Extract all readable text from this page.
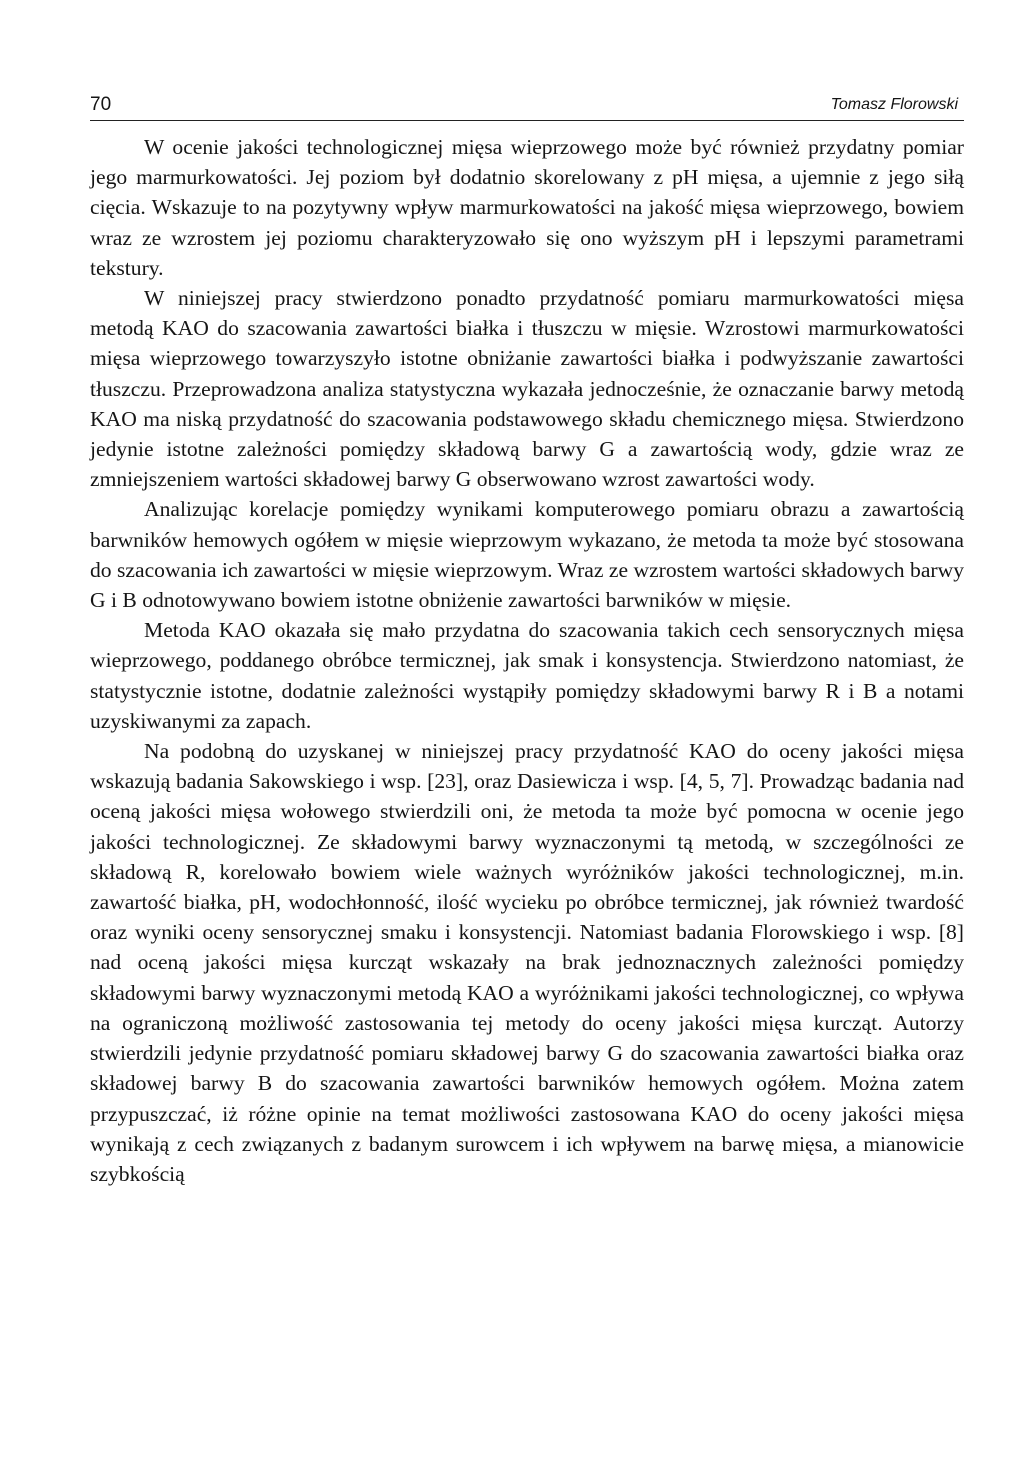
70	Tomasz Florowski

W ocenie jakości technologicznej mięsa wieprzowego może być również przydatny pomiar jego marmurkowatości. Jej poziom był dodatnio skorelowany z pH mięsa, a ujemnie z jego siłą cięcia. Wskazuje to na pozytywny wpływ marmurkowatości na jakość mięsa wieprzowego, bowiem wraz ze wzrostem jej poziomu charakteryzowało się ono wyższym pH i lepszymi parametrami tekstury.

W niniejszej pracy stwierdzono ponadto przydatność pomiaru marmurkowatości mięsa metodą KAO do szacowania zawartości białka i tłuszczu w mięsie. Wzrostowi marmurkowatości mięsa wieprzowego towarzyszyło istotne obniżanie zawartości białka i podwyższanie zawartości tłuszczu. Przeprowadzona analiza statystyczna wykazała jednocześnie, że oznaczanie barwy metodą KAO ma niską przydatność do szacowania podstawowego składu chemicznego mięsa. Stwierdzono jedynie istotne zależności pomiędzy składową barwy G a zawartością wody, gdzie wraz ze zmniejszeniem wartości składowej barwy G obserwowano wzrost zawartości wody.

Analizując korelacje pomiędzy wynikami komputerowego pomiaru obrazu a zawartością barwników hemowych ogółem w mięsie wieprzowym wykazano, że metoda ta może być stosowana do szacowania ich zawartości w mięsie wieprzowym. Wraz ze wzrostem wartości składowych barwy G i B odnotowywano bowiem istotne obniżenie zawartości barwników w mięsie.

Metoda KAO okazała się mało przydatna do szacowania takich cech sensorycznych mięsa wieprzowego, poddanego obróbce termicznej, jak smak i konsystencja. Stwierdzono natomiast, że statystycznie istotne, dodatnie zależności wystąpiły pomiędzy składowymi barwy R i B a notami uzyskiwanymi za zapach.

Na podobną do uzyskanej w niniejszej pracy przydatność KAO do oceny jakości mięsa wskazują badania Sakowskiego i wsp. [23], oraz Dasiewicza i wsp. [4, 5, 7]. Prowadząc badania nad oceną jakości mięsa wołowego stwierdzili oni, że metoda ta może być pomocna w ocenie jego jakości technologicznej. Ze składowymi barwy wyznaczonymi tą metodą, w szczególności ze składową R, korelowało bowiem wiele ważnych wyróżników jakości technologicznej, m.in. zawartość białka, pH, wodochłonność, ilość wycieku po obróbce termicznej, jak również twardość oraz wyniki oceny sensorycznej smaku i konsystencji. Natomiast badania Florowskiego i wsp. [8] nad oceną jakości mięsa kurcząt wskazały na brak jednoznacznych zależności pomiędzy składowymi barwy wyznaczonymi metodą KAO a wyróżnikami jakości technologicznej, co wpływa na ograniczoną możliwość zastosowania tej metody do oceny jakości mięsa kurcząt. Autorzy stwierdzili jedynie przydatność pomiaru składowej barwy G do szacowania zawartości białka oraz składowej barwy B do szacowania zawartości barwników hemowych ogółem. Można zatem przypuszczać, iż różne opinie na temat możliwości zastosowana KAO do oceny jakości mięsa wynikają z cech związanych z badanym surowcem i ich wpływem na barwę mięsa, a mianowicie szybkością
